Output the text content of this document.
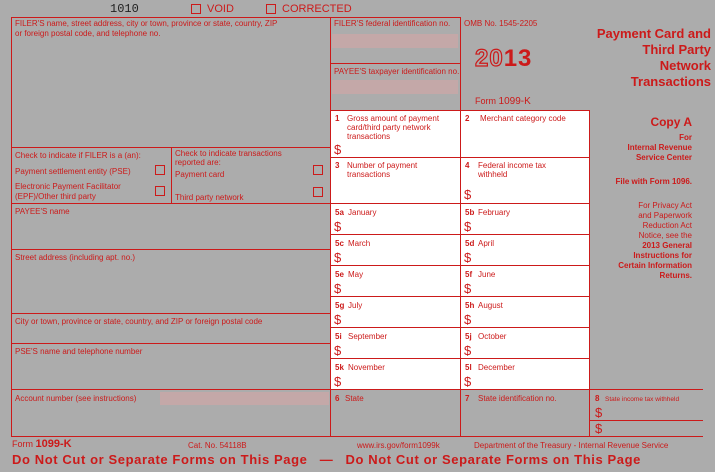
1010	VOID	CORRECTED
FILER'S name, street address, city or town, province or state, country, ZIP
or foreign postal code, and telephone no.
FILER'S federal identification no.
PAYEE'S taxpayer identification no.
OMB No. 1545-2205
2013
Form 1099-K
Payment Card and
Third Party
Network
Transactions
Copy A
For
Internal Revenue
Service Center
File with Form 1096.
For Privacy Act
and Paperwork
Reduction Act
Notice, see the
2013 General
Instructions for
Certain Information
Returns.
Check to indicate if FILER is a (an):
Payment settlement entity (PSE)
Electronic Payment Facilitator
(EPF)/Other third party
Check to indicate transactions
reported are:
Payment card
Third party network
PAYEE'S name
Street address (including apt. no.)
City or town, province or state, country, and ZIP or foreign postal code
PSE'S name and telephone number
Account number (see instructions)
1 Gross amount of payment
card/third party network
transactions
$
2 Merchant category code
3 Number of payment
transactions
4 Federal income tax
withheld
$
5a January
$
5b February
$
5c March
$
5d April
$
5e May
$
5f June
$
5g July
$
5h August
$
5i September
$
5j October
$
5k November
$
5l December
$
6 State	7 State identification no.	8 State income tax withheld
$
$
Form 1099-K	Cat. No. 54118B	www.irs.gov/form1099k	Department of the Treasury - Internal Revenue Service
Do Not Cut or Separate Forms on This Page — Do Not Cut or Separate Forms on This Page
